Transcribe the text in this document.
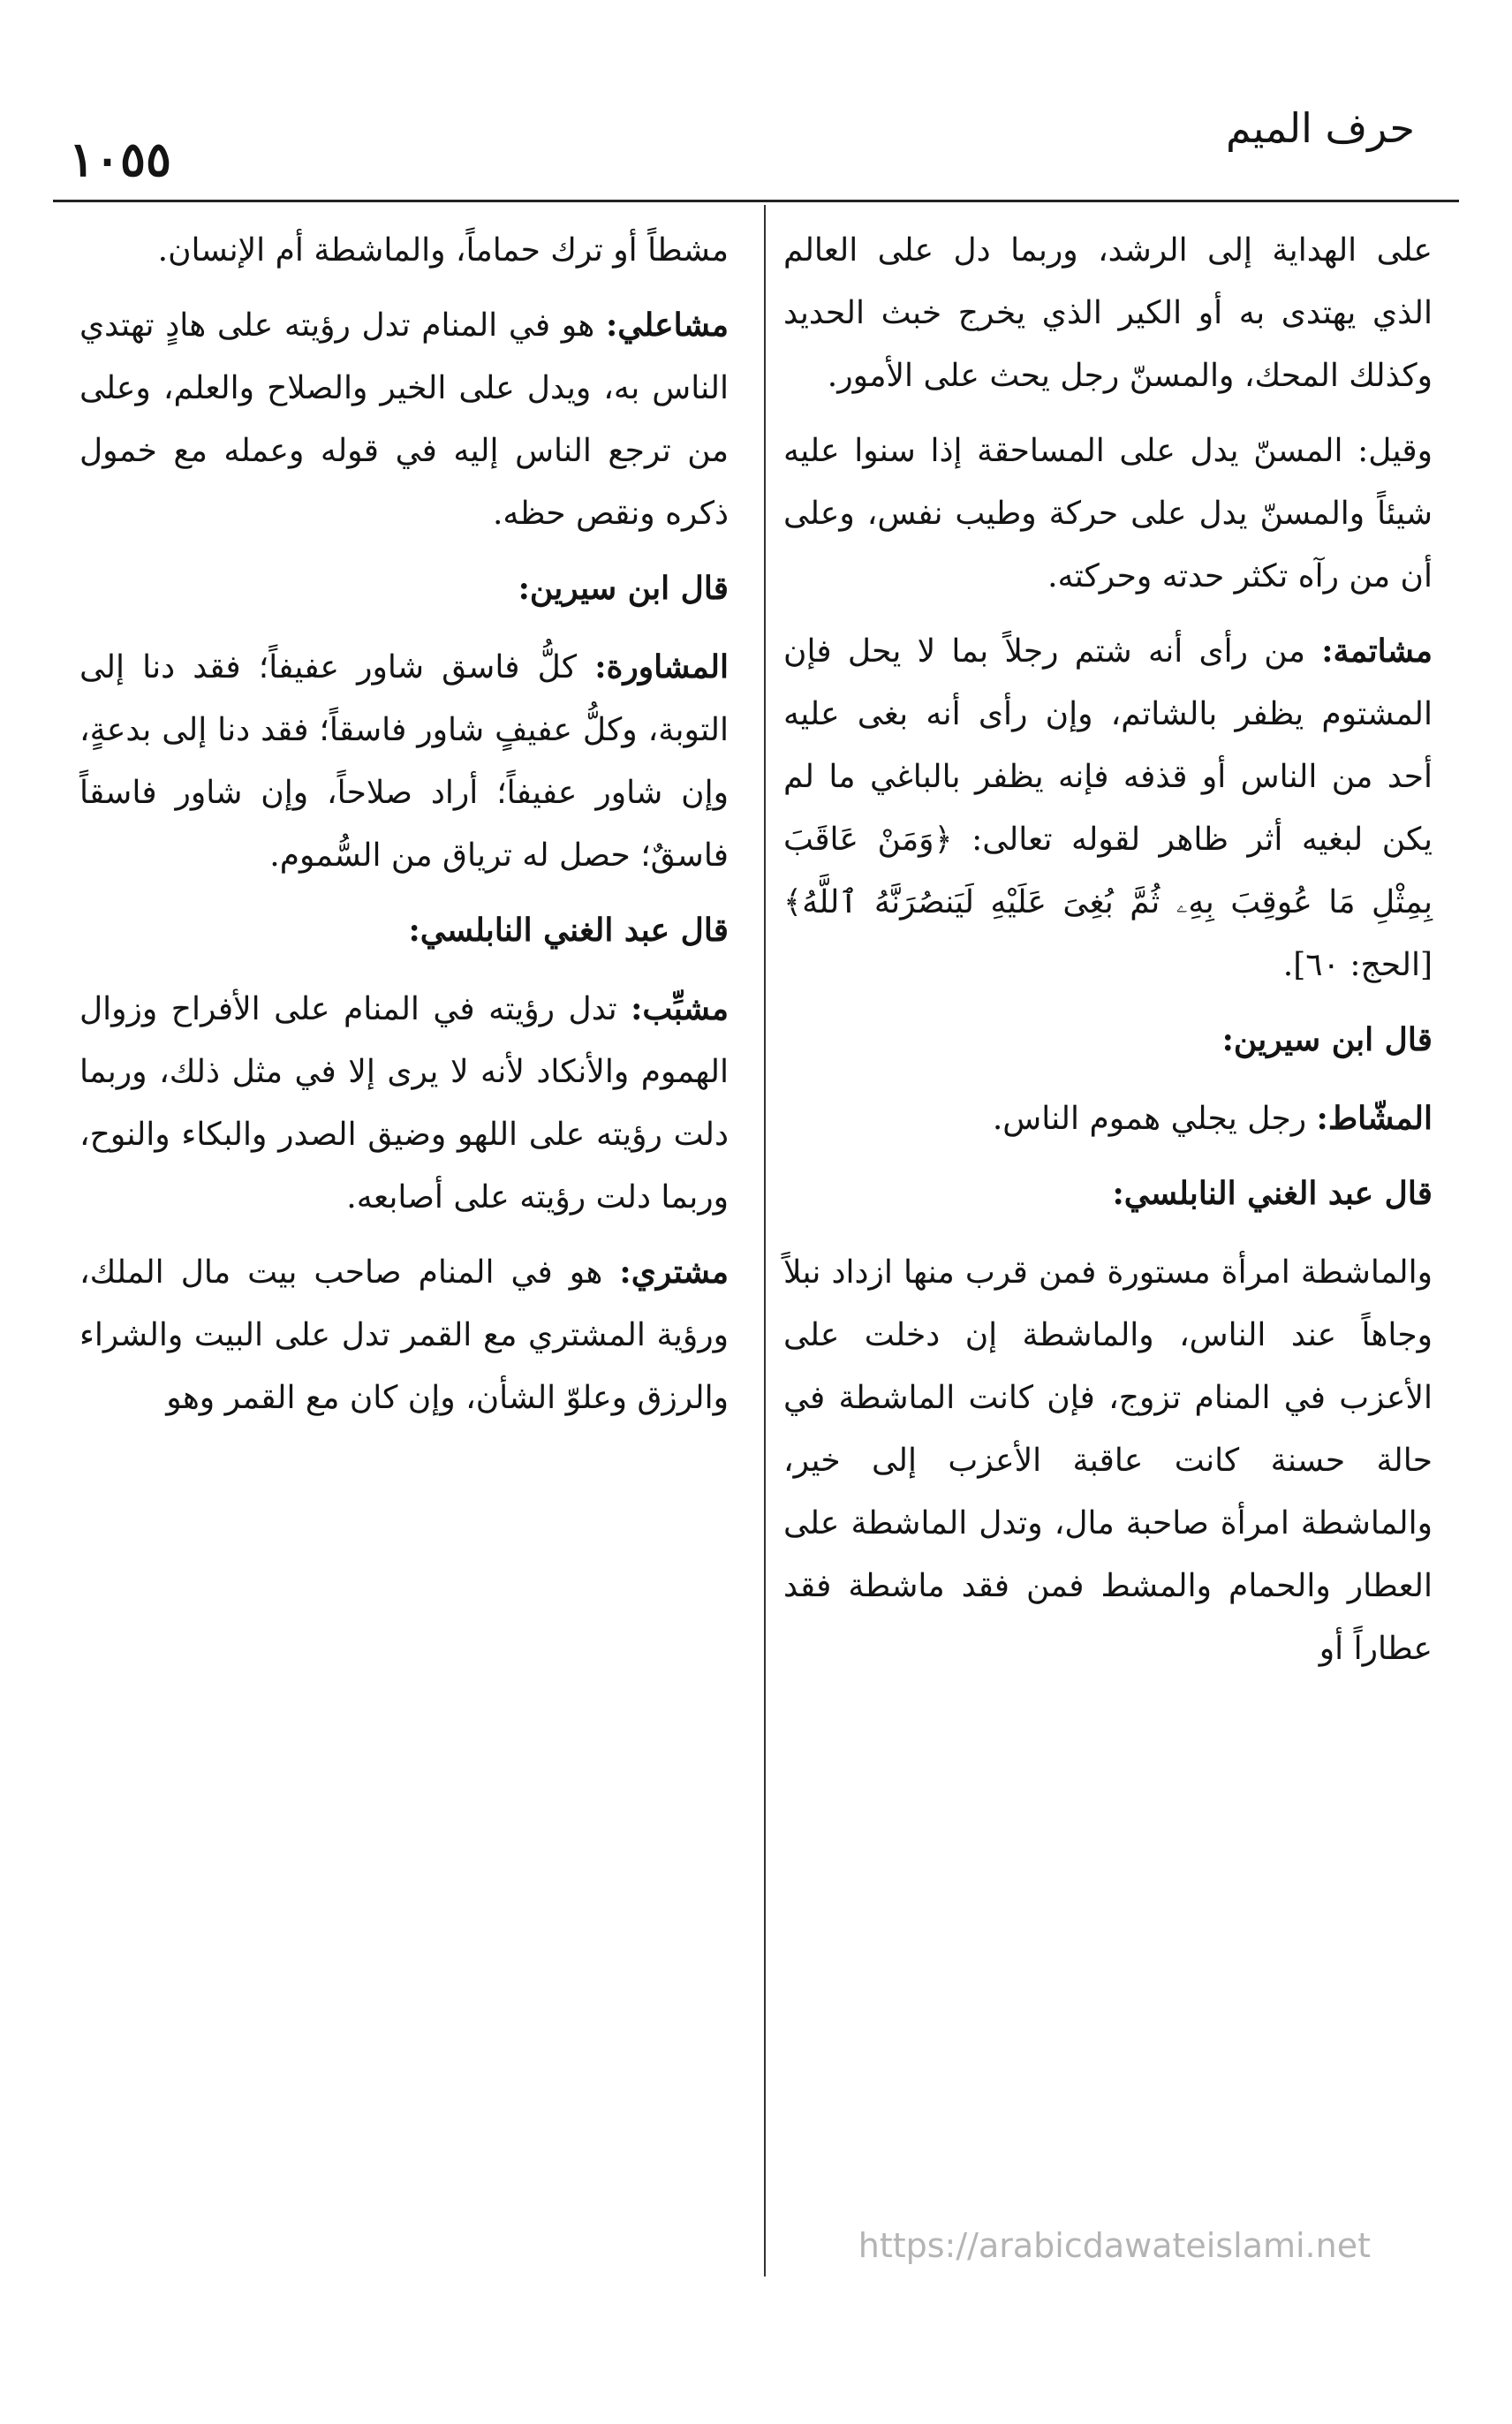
حرف الميم
١٠٥٥

على الهداية إلى الرشد، وربما دل على العالم الذي يهتدى به أو الكير الذي يخرج خبث الحديد وكذلك المحك، والمسنّ رجل يحث على الأمور.

وقيل: المسنّ يدل على المساحقة إذا سنوا عليه شيئاً والمسنّ يدل على حركة وطيب نفس، وعلى أن من رآه تكثر حدته وحركته.

مشاتمة: من رأى أنه شتم رجلاً بما لا يحل فإن المشتوم يظفر بالشاتم، وإن رأى أنه بغى عليه أحد من الناس أو قذفه فإنه يظفر بالباغي ما لم يكن لبغيه أثر ظاهر لقوله تعالى: ﴿وَمَنْ عَاقَبَ بِمِثْلِ مَا عُوقِبَ بِهِۦ ثُمَّ بُغِىَ عَلَيْهِ لَيَنصُرَنَّهُ ٱللَّهُ﴾ [الحج: ٦٠].

قال ابن سيرين:

المشّاط: رجل يجلي هموم الناس.

قال عبد الغني النابلسي:

والماشطة امرأة مستورة فمن قرب منها ازداد نبلاً وجاهاً عند الناس، والماشطة إن دخلت على الأعزب في المنام تزوج، فإن كانت الماشطة في حالة حسنة كانت عاقبة الأعزب إلى خير، والماشطة امرأة صاحبة مال، وتدل الماشطة على العطار والحمام والمشط فمن فقد ماشطة فقد عطاراً أو

مشطاً أو ترك حماماً، والماشطة أم الإنسان.

مشاعلي: هو في المنام تدل رؤيته على هادٍ تهتدي الناس به، ويدل على الخير والصلاح والعلم، وعلى من ترجع الناس إليه في قوله وعمله مع خمول ذكره ونقص حظه.

قال ابن سيرين:

المشاورة: كلُّ فاسق شاور عفيفاً؛ فقد دنا إلى التوبة، وكلُّ عفيفٍ شاور فاسقاً؛ فقد دنا إلى بدعةٍ، وإن شاور عفيفاً؛ أراد صلاحاً، وإن شاور فاسقاً فاسقٌ؛ حصل له ترياق من السُّموم.

قال عبد الغني النابلسي:

مشبِّب: تدل رؤيته في المنام على الأفراح وزوال الهموم والأنكاد لأنه لا يرى إلا في مثل ذلك، وربما دلت رؤيته على اللهو وضيق الصدر والبكاء والنوح، وربما دلت رؤيته على أصابعه.

مشتري: هو في المنام صاحب بيت مال الملك، ورؤية المشتري مع القمر تدل على البيت والشراء والرزق وعلوّ الشأن، وإن كان مع القمر وهو

https://arabicdawateislami.net
